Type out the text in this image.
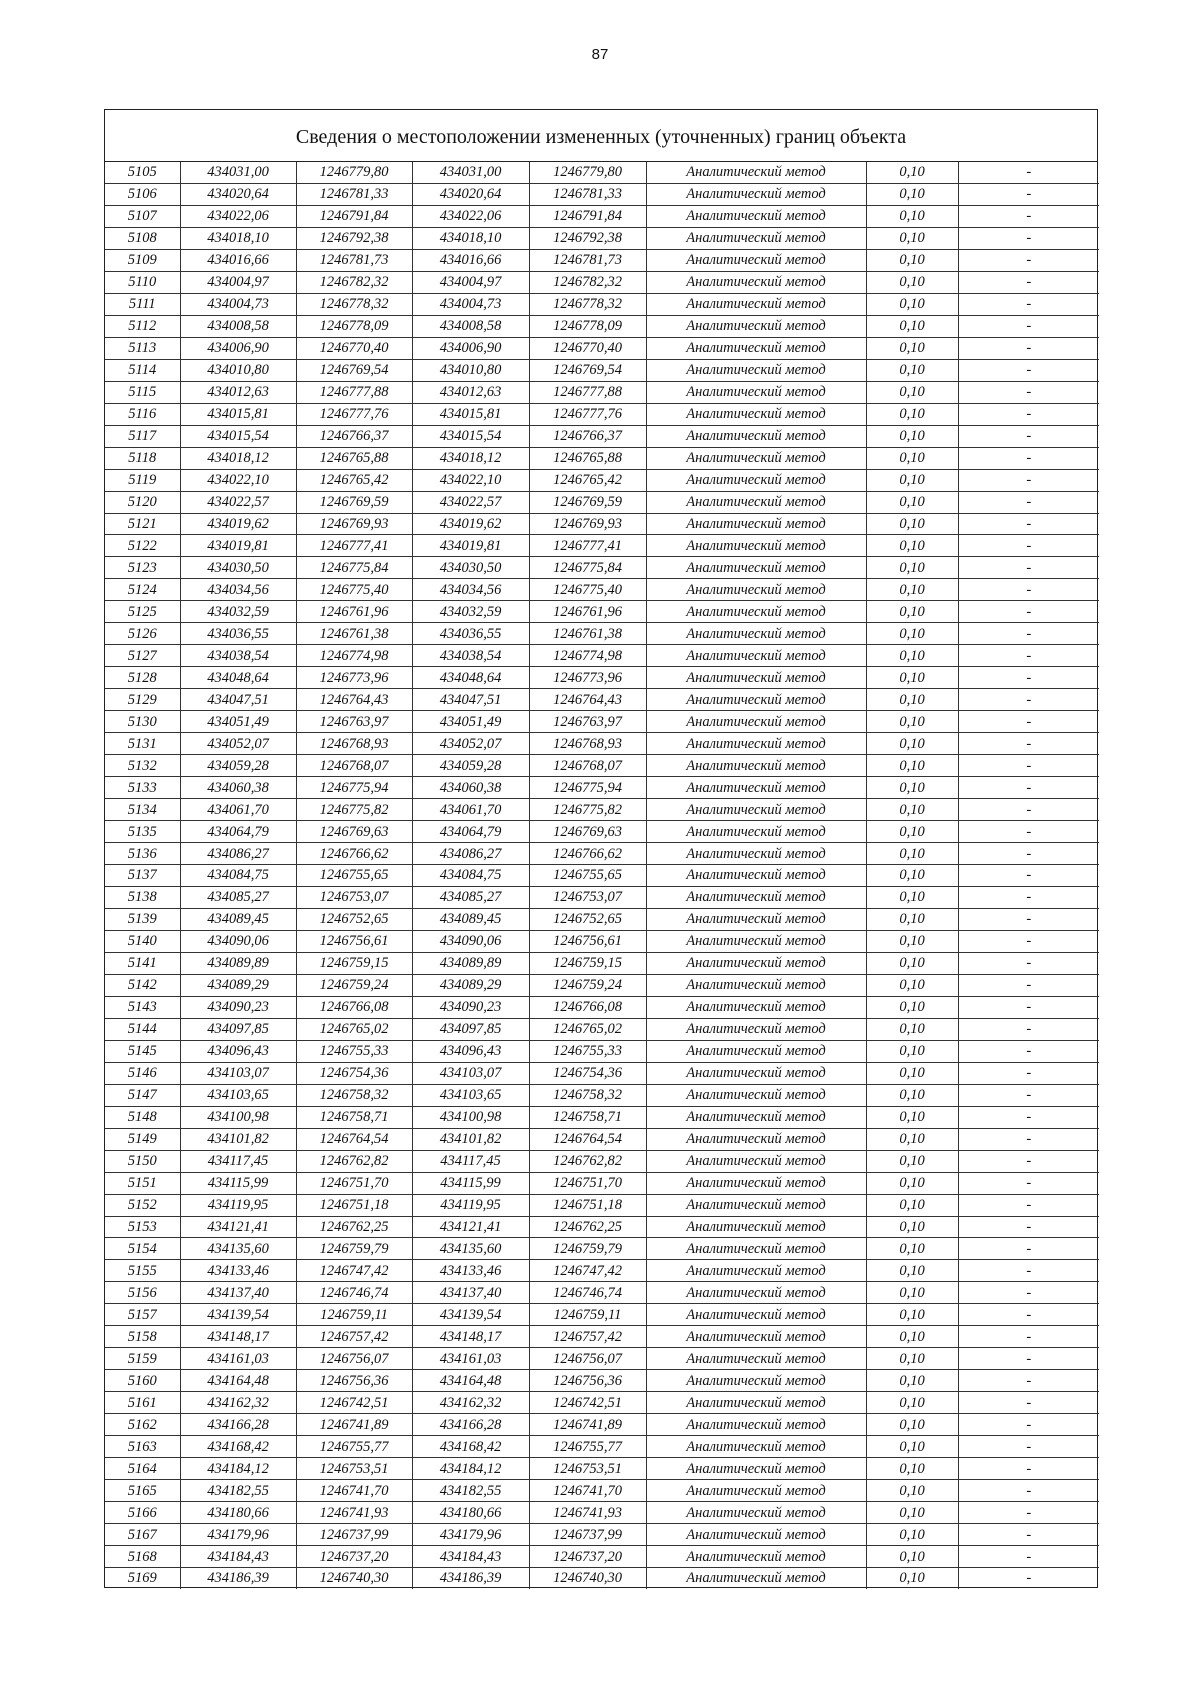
87
Сведения о местоположении измененных (уточненных) границ объекта
5105	434031,00	1246779,80	434031,00	1246779,80	Аналитический метод	0,10	-
5106	434020,64	1246781,33	434020,64	1246781,33	Аналитический метод	0,10	-
5107	434022,06	1246791,84	434022,06	1246791,84	Аналитический метод	0,10	-
5108	434018,10	1246792,38	434018,10	1246792,38	Аналитический метод	0,10	-
5109	434016,66	1246781,73	434016,66	1246781,73	Аналитический метод	0,10	-
5110	434004,97	1246782,32	434004,97	1246782,32	Аналитический метод	0,10	-
5111	434004,73	1246778,32	434004,73	1246778,32	Аналитический метод	0,10	-
5112	434008,58	1246778,09	434008,58	1246778,09	Аналитический метод	0,10	-
5113	434006,90	1246770,40	434006,90	1246770,40	Аналитический метод	0,10	-
5114	434010,80	1246769,54	434010,80	1246769,54	Аналитический метод	0,10	-
5115	434012,63	1246777,88	434012,63	1246777,88	Аналитический метод	0,10	-
5116	434015,81	1246777,76	434015,81	1246777,76	Аналитический метод	0,10	-
5117	434015,54	1246766,37	434015,54	1246766,37	Аналитический метод	0,10	-
5118	434018,12	1246765,88	434018,12	1246765,88	Аналитический метод	0,10	-
5119	434022,10	1246765,42	434022,10	1246765,42	Аналитический метод	0,10	-
5120	434022,57	1246769,59	434022,57	1246769,59	Аналитический метод	0,10	-
5121	434019,62	1246769,93	434019,62	1246769,93	Аналитический метод	0,10	-
5122	434019,81	1246777,41	434019,81	1246777,41	Аналитический метод	0,10	-
5123	434030,50	1246775,84	434030,50	1246775,84	Аналитический метод	0,10	-
5124	434034,56	1246775,40	434034,56	1246775,40	Аналитический метод	0,10	-
5125	434032,59	1246761,96	434032,59	1246761,96	Аналитический метод	0,10	-
5126	434036,55	1246761,38	434036,55	1246761,38	Аналитический метод	0,10	-
5127	434038,54	1246774,98	434038,54	1246774,98	Аналитический метод	0,10	-
5128	434048,64	1246773,96	434048,64	1246773,96	Аналитический метод	0,10	-
5129	434047,51	1246764,43	434047,51	1246764,43	Аналитический метод	0,10	-
5130	434051,49	1246763,97	434051,49	1246763,97	Аналитический метод	0,10	-
5131	434052,07	1246768,93	434052,07	1246768,93	Аналитический метод	0,10	-
5132	434059,28	1246768,07	434059,28	1246768,07	Аналитический метод	0,10	-
5133	434060,38	1246775,94	434060,38	1246775,94	Аналитический метод	0,10	-
5134	434061,70	1246775,82	434061,70	1246775,82	Аналитический метод	0,10	-
5135	434064,79	1246769,63	434064,79	1246769,63	Аналитический метод	0,10	-
5136	434086,27	1246766,62	434086,27	1246766,62	Аналитический метод	0,10	-
5137	434084,75	1246755,65	434084,75	1246755,65	Аналитический метод	0,10	-
5138	434085,27	1246753,07	434085,27	1246753,07	Аналитический метод	0,10	-
5139	434089,45	1246752,65	434089,45	1246752,65	Аналитический метод	0,10	-
5140	434090,06	1246756,61	434090,06	1246756,61	Аналитический метод	0,10	-
5141	434089,89	1246759,15	434089,89	1246759,15	Аналитический метод	0,10	-
5142	434089,29	1246759,24	434089,29	1246759,24	Аналитический метод	0,10	-
5143	434090,23	1246766,08	434090,23	1246766,08	Аналитический метод	0,10	-
5144	434097,85	1246765,02	434097,85	1246765,02	Аналитический метод	0,10	-
5145	434096,43	1246755,33	434096,43	1246755,33	Аналитический метод	0,10	-
5146	434103,07	1246754,36	434103,07	1246754,36	Аналитический метод	0,10	-
5147	434103,65	1246758,32	434103,65	1246758,32	Аналитический метод	0,10	-
5148	434100,98	1246758,71	434100,98	1246758,71	Аналитический метод	0,10	-
5149	434101,82	1246764,54	434101,82	1246764,54	Аналитический метод	0,10	-
5150	434117,45	1246762,82	434117,45	1246762,82	Аналитический метод	0,10	-
5151	434115,99	1246751,70	434115,99	1246751,70	Аналитический метод	0,10	-
5152	434119,95	1246751,18	434119,95	1246751,18	Аналитический метод	0,10	-
5153	434121,41	1246762,25	434121,41	1246762,25	Аналитический метод	0,10	-
5154	434135,60	1246759,79	434135,60	1246759,79	Аналитический метод	0,10	-
5155	434133,46	1246747,42	434133,46	1246747,42	Аналитический метод	0,10	-
5156	434137,40	1246746,74	434137,40	1246746,74	Аналитический метод	0,10	-
5157	434139,54	1246759,11	434139,54	1246759,11	Аналитический метод	0,10	-
5158	434148,17	1246757,42	434148,17	1246757,42	Аналитический метод	0,10	-
5159	434161,03	1246756,07	434161,03	1246756,07	Аналитический метод	0,10	-
5160	434164,48	1246756,36	434164,48	1246756,36	Аналитический метод	0,10	-
5161	434162,32	1246742,51	434162,32	1246742,51	Аналитический метод	0,10	-
5162	434166,28	1246741,89	434166,28	1246741,89	Аналитический метод	0,10	-
5163	434168,42	1246755,77	434168,42	1246755,77	Аналитический метод	0,10	-
5164	434184,12	1246753,51	434184,12	1246753,51	Аналитический метод	0,10	-
5165	434182,55	1246741,70	434182,55	1246741,70	Аналитический метод	0,10	-
5166	434180,66	1246741,93	434180,66	1246741,93	Аналитический метод	0,10	-
5167	434179,96	1246737,99	434179,96	1246737,99	Аналитический метод	0,10	-
5168	434184,43	1246737,20	434184,43	1246737,20	Аналитический метод	0,10	-
5169	434186,39	1246740,30	434186,39	1246740,30	Аналитический метод	0,10	-
